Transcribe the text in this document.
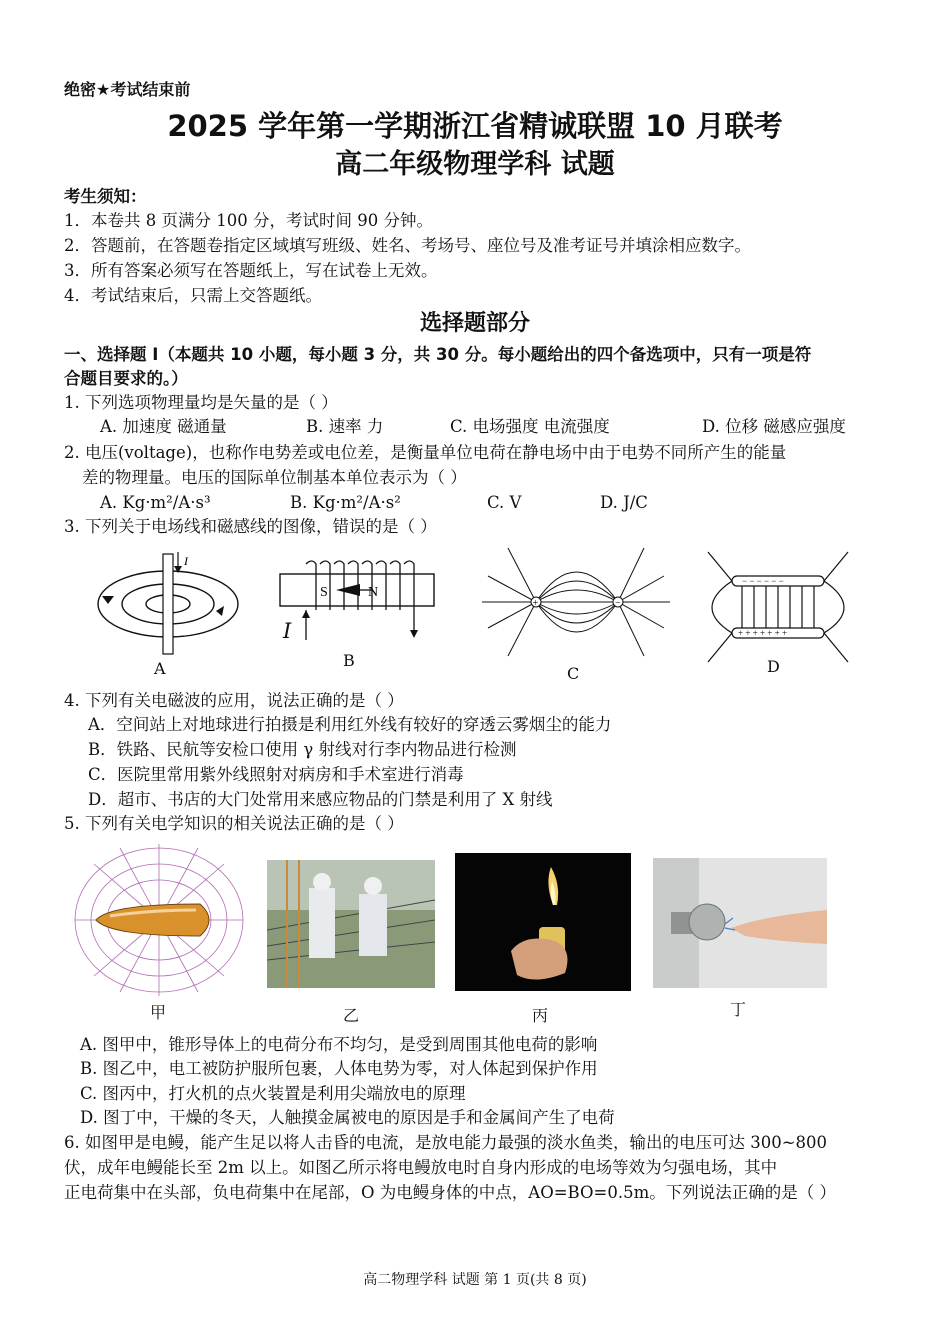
绝密★考试结束前
2025 学年第一学期浙江省精诚联盟 10 月联考
高二年级物理学科 试题
考生须知：
1．本卷共 8 页满分 100 分，考试时间 90 分钟。
2．答题前，在答题卷指定区域填写班级、姓名、考场号、座位号及准考证号并填涂相应数字。
3．所有答案必须写在答题纸上，写在试卷上无效。
4．考试结束后，只需上交答题纸。
选择题部分
一、选择题 I（本题共 10 小题，每小题 3 分，共 30 分。每小题给出的四个备选项中，只有一项是符
合题目要求的。）
1. 下列选项物理量均是矢量的是（ ）
A. 加速度 磁通量	B. 速率 力	C. 电场强度 电流强度	D. 位移 磁感应强度
2. 电压(voltage)，也称作电势差或电位差，是衡量单位电荷在静电场中由于电势不同所产生的能量
差的物理量。电压的国际单位制基本单位表示为（ ）
A. Kg·m²/A·s³	B. Kg·m²/A·s²	C. V	D. J/C
3. 下列关于电场线和磁感线的图像，错误的是（ ）
I
A
S	N
I
B
+	−
C
− − − − − −
+ + + + + + +
D
4. 下列有关电磁波的应用，说法正确的是（ ）
A．空间站上对地球进行拍摄是利用红外线有较好的穿透云雾烟尘的能力
B．铁路、民航等安检口使用 γ 射线对行李内物品进行检测
C．医院里常用紫外线照射对病房和手术室进行消毒
D．超市、书店的大门处常用来感应物品的门禁是利用了 X 射线
5. 下列有关电学知识的相关说法正确的是（ ）
甲	乙	丙	丁
A. 图甲中，锥形导体上的电荷分布不均匀，是受到周围其他电荷的影响
B. 图乙中，电工被防护服所包裹，人体电势为零，对人体起到保护作用
C. 图丙中，打火机的点火装置是利用尖端放电的原理
D. 图丁中，干燥的冬天，人触摸金属被电的原因是手和金属间产生了电荷
6. 如图甲是电鳗，能产生足以将人击昏的电流，是放电能力最强的淡水鱼类，输出的电压可达 300~800
伏，成年电鳗能长至 2m 以上。如图乙所示将电鳗放电时自身内形成的电场等效为匀强电场，其中
正电荷集中在头部，负电荷集中在尾部，O 为电鳗身体的中点，AO=BO=0.5m。下列说法正确的是（ ）
高二物理学科 试题 第 1 页(共 8 页)
